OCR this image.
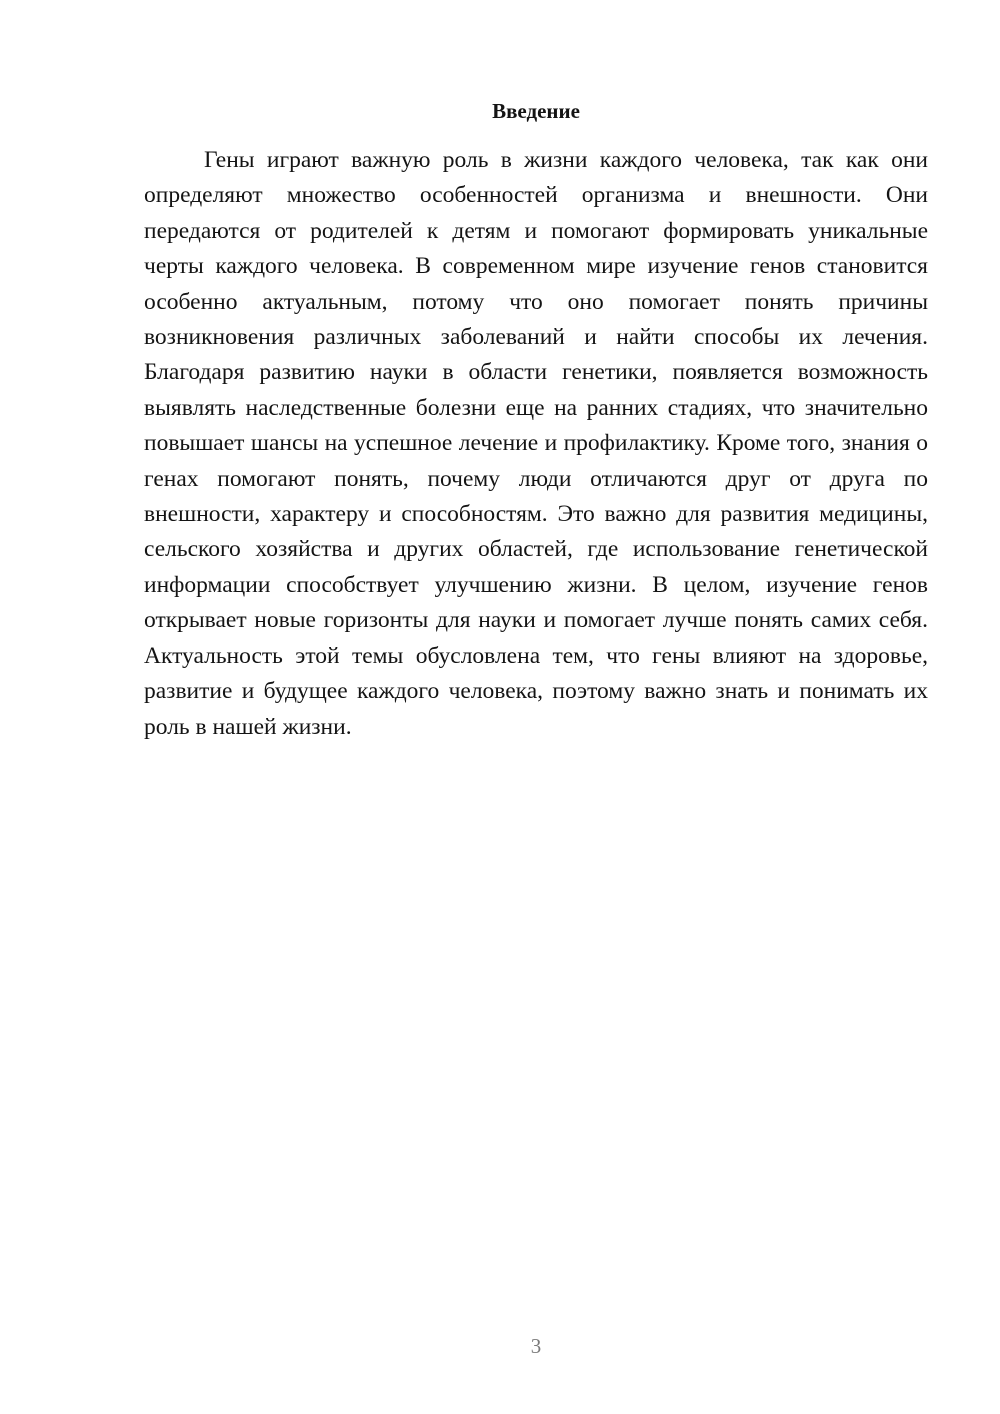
Введение

Гены играют важную роль в жизни каждого человека, так как они определяют множество особенностей организма и внешности. Они передаются от родителей к детям и помогают формировать уникальные черты каждого человека. В современном мире изучение генов становится особенно актуальным, потому что оно помогает понять причины возникновения различных заболеваний и найти способы их лечения. Благодаря развитию науки в области генетики, появляется возможность выявлять наследственные болезни еще на ранних стадиях, что значительно повышает шансы на успешное лечение и профилактику. Кроме того, знания о генах помогают понять, почему люди отличаются друг от друга по внешности, характеру и способностям. Это важно для развития медицины, сельского хозяйства и других областей, где использование генетической информации способствует улучшению жизни. В целом, изучение генов открывает новые горизонты для науки и помогает лучше понять самих себя. Актуальность этой темы обусловлена тем, что гены влияют на здоровье, развитие и будущее каждого человека, поэтому важно знать и понимать их роль в нашей жизни.

3
